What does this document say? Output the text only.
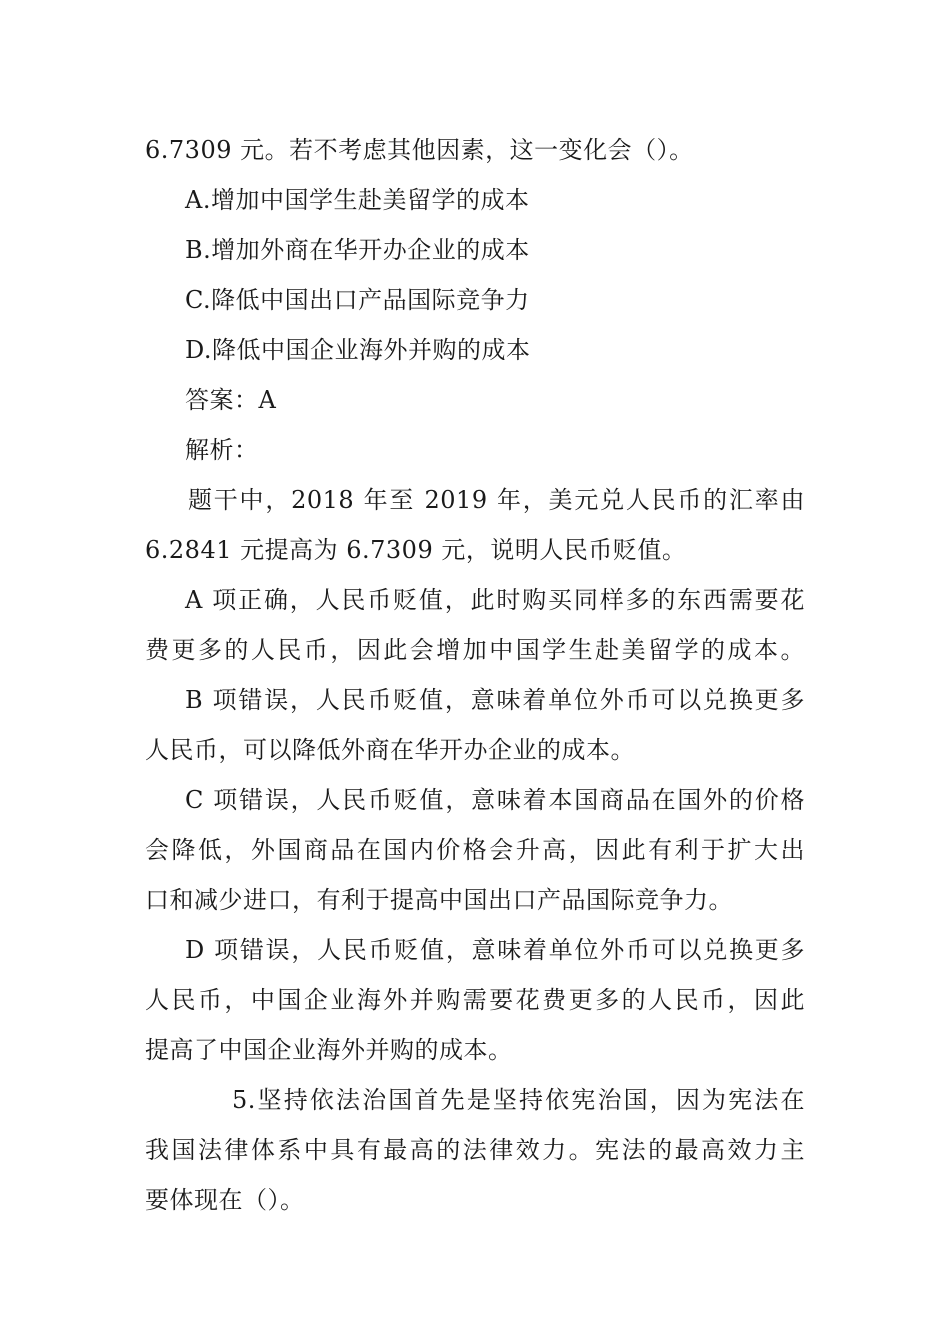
6.7309 元。若不考虑其他因素，这一变化会（）。
A.增加中国学生赴美留学的成本
B.增加外商在华开办企业的成本
C.降低中国出口产品国际竞争力
D.降低中国企业海外并购的成本
答案：A
解析：
题干中，2018 年至 2019 年，美元兑人民币的汇率由
6.2841 元提高为 6.7309 元，说明人民币贬值。
A 项正确，人民币贬值，此时购买同样多的东西需要花
费更多的人民币，因此会增加中国学生赴美留学的成本。
B 项错误，人民币贬值，意味着单位外币可以兑换更多
人民币，可以降低外商在华开办企业的成本。
C 项错误，人民币贬值，意味着本国商品在国外的价格
会降低，外国商品在国内价格会升高，因此有利于扩大出
口和减少进口，有利于提高中国出口产品国际竞争力。
D 项错误，人民币贬值，意味着单位外币可以兑换更多
人民币，中国企业海外并购需要花费更多的人民币，因此
提高了中国企业海外并购的成本。
5.坚持依法治国首先是坚持依宪治国，因为宪法在
我国法律体系中具有最高的法律效力。宪法的最高效力主
要体现在（）。
